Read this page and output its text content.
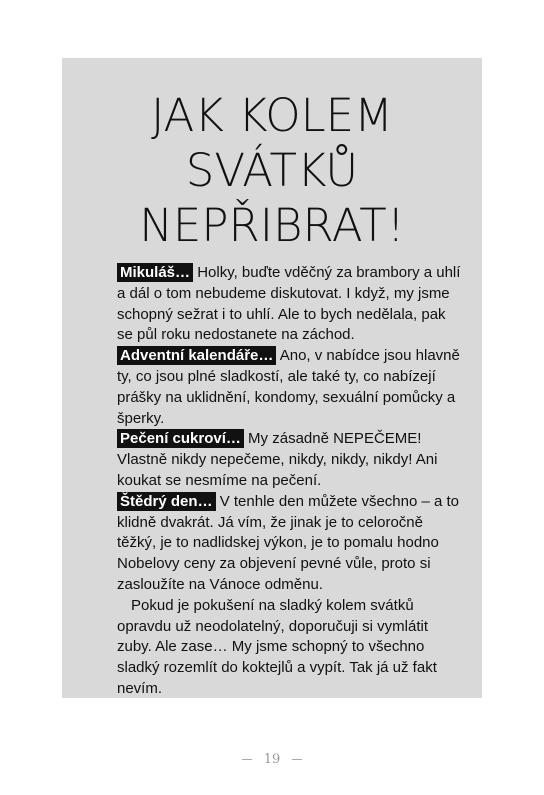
JAK KOLEM
SVÁTKŮ
NEPŘIBRAT!

Mikuláš… Holky, buďte vděčný za brambory a uhlí a dál o tom nebudeme diskutovat. I když, my jsme schopný sežrat i to uhlí. Ale to bych nedělala, pak se půl roku nedostanete na záchod.

Adventní kalendáře… Ano, v nabídce jsou hlavně ty, co jsou plné sladkostí, ale také ty, co nabízejí prášky na uklidnění, kondomy, sexuální pomůcky a šperky.

Pečení cukroví… My zásadně NEPEČEME! Vlastně nikdy nepečeme, nikdy, nikdy, nikdy! Ani koukat se nesmíme na pečení.

Štědrý den… V tenhle den můžete všechno – a to klidně dvakrát. Já vím, že jinak je to celoročně těžký, je to nadlidskej výkon, je to pomalu hodno Nobelovy ceny za objevení pevné vůle, proto si zasloužíte na Vánoce odměnu.

Pokud je pokušení na sladký kolem svátků opravdu už neodolatelný, doporučuji si vymlátit zuby. Ale zase… My jsme schopný to všechno sladký rozemlít do koktejlů a vypít. Tak já už fakt nevím.

19
